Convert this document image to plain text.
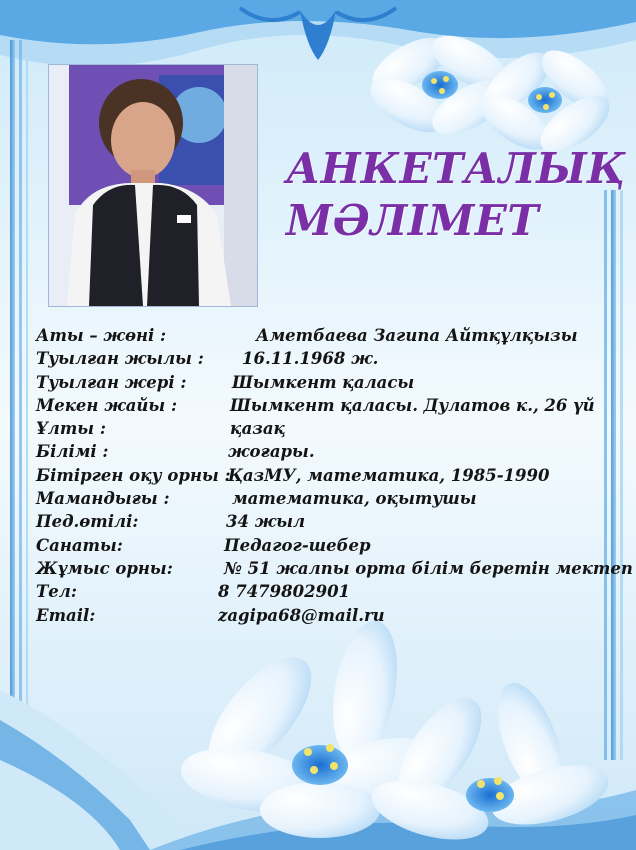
АНКЕТАЛЫҚ
МӘЛІМЕТ
Аты – жөні :	Аметбаева Загипа Айтқұлқызы
Туылған жылы : 16.11.1968 ж.
Туылған жері :	Шымкент қаласы
Мекен жайы :	Шымкент қаласы. Дулатов к., 26 үй
Ұлты :	қазақ
Білімі :	жоғары.
Бітірген оқу орны :
ҚазМУ, математика, 1985-1990
Мамандығы :	математика, оқытушы
Пед.өтілі:	34 жыл
Санаты:	Педагог-шебер
Жұмыс орны:	№ 51 жалпы орта білім беретін мектеп
Тел:	8 7479802901
Email:	zagipa68@mail.ru
